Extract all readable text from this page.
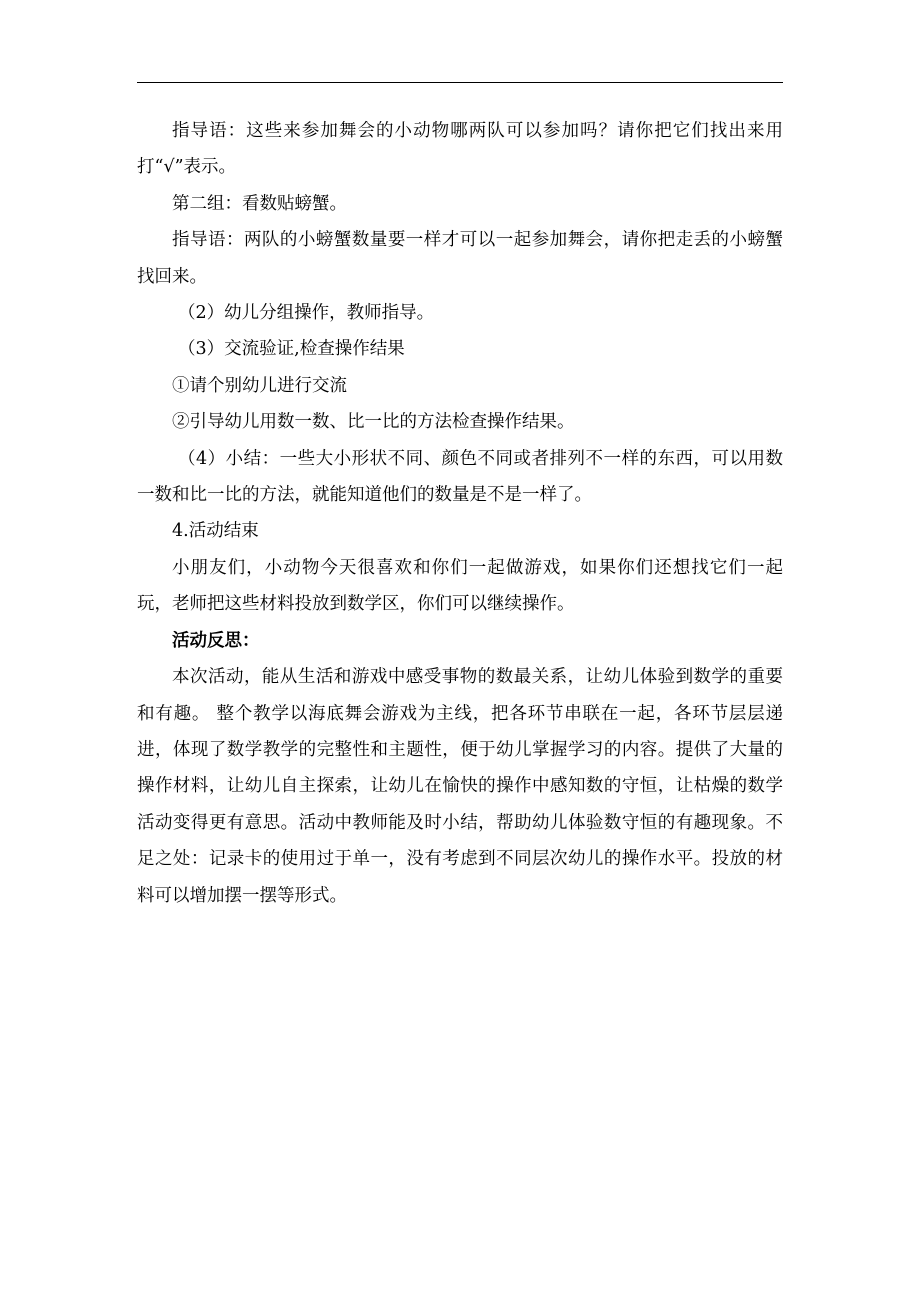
指导语：这些来参加舞会的小动物哪两队可以参加吗？请你把它们找出来用打“√”表示。

第二组：看数贴螃蟹。

指导语：两队的小螃蟹数量要一样才可以一起参加舞会，请你把走丢的小螃蟹找回来。

（2）幼儿分组操作，教师指导。

（3）交流验证,检查操作结果

①请个别幼儿进行交流

②引导幼儿用数一数、比一比的方法检查操作结果。

（4）小结：一些大小形状不同、颜色不同或者排列不一样的东西，可以用数一数和比一比的方法，就能知道他们的数量是不是一样了。

4.活动结束

小朋友们，小动物今天很喜欢和你们一起做游戏，如果你们还想找它们一起玩，老师把这些材料投放到数学区，你们可以继续操作。

活动反思：

本次活动，能从生活和游戏中感受事物的数最关系，让幼儿体验到数学的重要和有趣。 整个教学以海底舞会游戏为主线，把各环节串联在一起，各环节层层递进，体现了数学教学的完整性和主题性，便于幼儿掌握学习的内容。提供了大量的操作材料，让幼儿自主探索，让幼儿在愉快的操作中感知数的守恒，让枯燥的数学活动变得更有意思。活动中教师能及时小结，帮助幼儿体验数守恒的有趣现象。不足之处：记录卡的使用过于单一，没有考虑到不同层次幼儿的操作水平。投放的材料可以增加摆一摆等形式。
